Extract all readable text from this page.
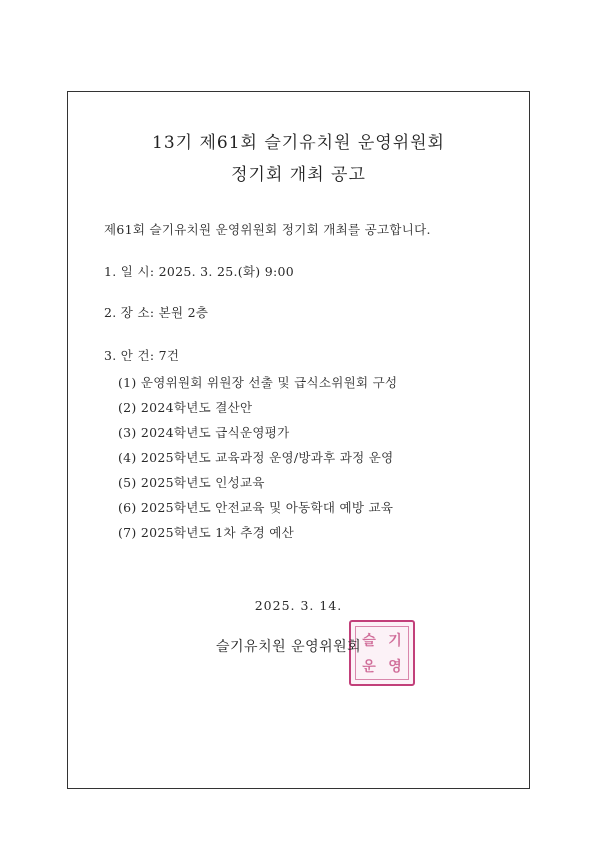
13기 제61회 슬기유치원 운영위원회
정기회 개최 공고
제61회 슬기유치원 운영위원회 정기회 개최를 공고합니다.
1. 일 시: 2025. 3. 25.(화) 9:00
2. 장 소: 본원 2층
3. 안 건: 7건
(1) 운영위원회 위원장 선출 및 급식소위원회 구성
(2) 2024학년도 결산안
(3) 2024학년도 급식운영평가
(4) 2025학년도 교육과정 운영/방과후 과정 운영
(5) 2025학년도 인성교육
(6) 2025학년도 안전교육 및 아동학대 예방 교육
(7) 2025학년도 1차 추경 예산
2025. 3. 14.
슬 기
운 영
슬기유치원 운영위원회
